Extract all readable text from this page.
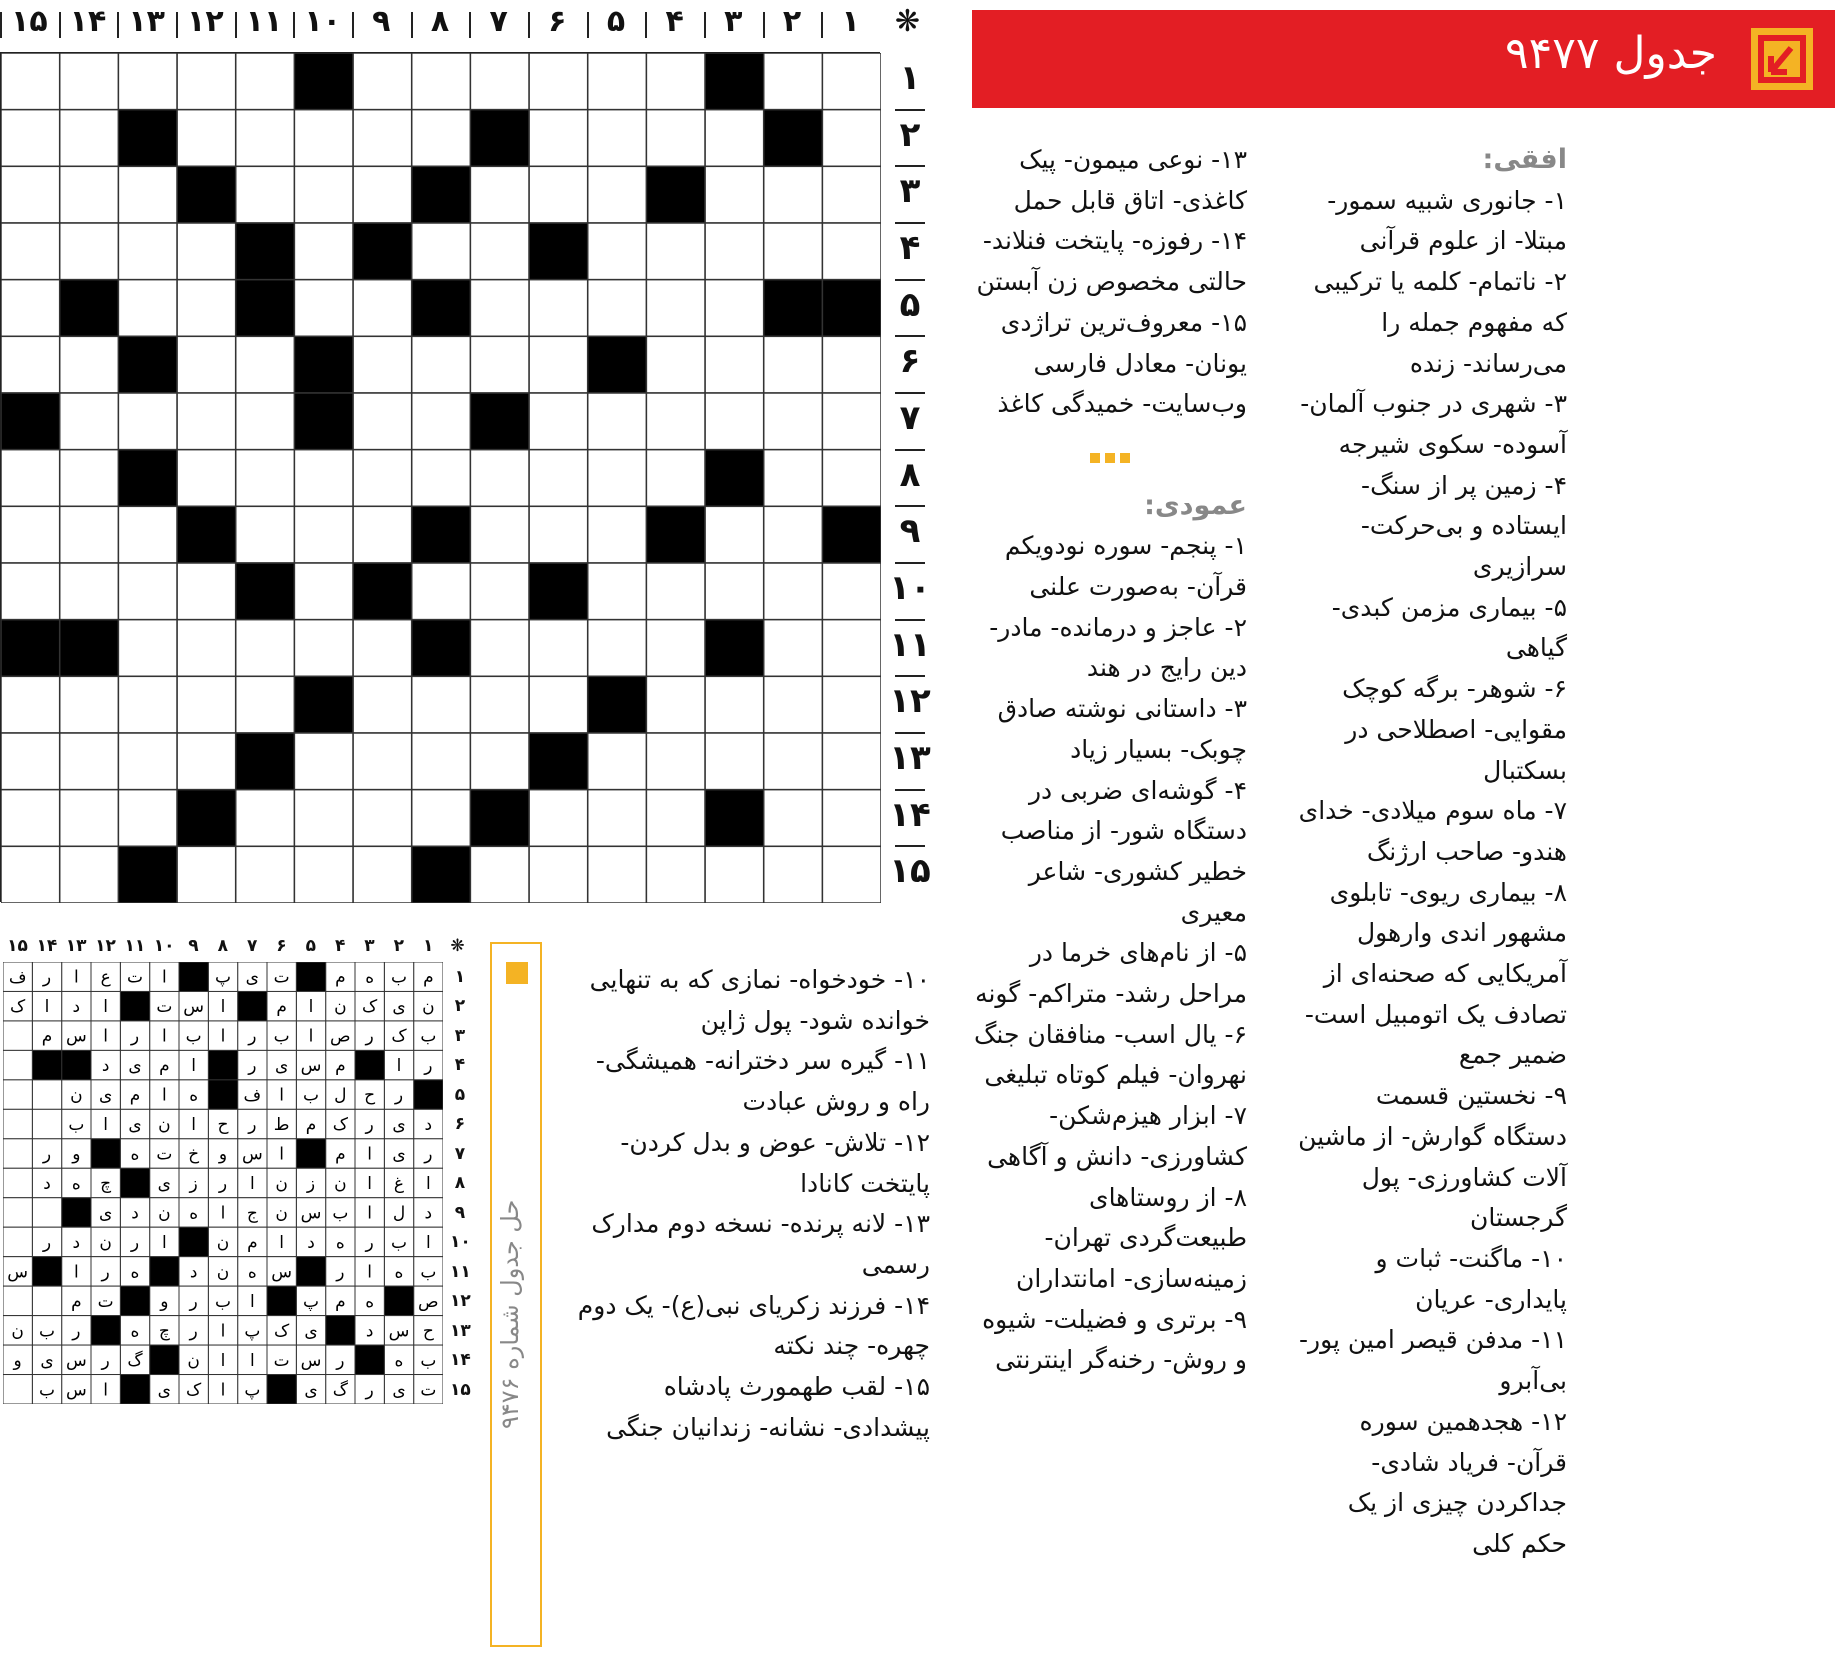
❋
۱
۲
۳
۴
۵
۶
۷
۸
۹
۱۰
۱۱
۱۲
۱۳
۱۴
۱۵
۱
۲
۳
۴
۵
۶
۷
۸
۹
۱۰
۱۱
۱۲
۱۳
۱۴
۱۵
جدول ۹۴۷۷
افقی:
۱- جانوری شبیه سمور- مبتلا- از علوم قرآنی
۲- ناتمام- کلمه یا ترکیبی که مفهوم جمله را می‌رساند- زنده
۳- شهری در جنوب آلمان- آسوده- سکوی شیرجه
۴- زمین پر از سنگ- ایستاده و بی‌حرکت- سرازیری
۵- بیماری مزمن کبدی- گیاهی
۶- شوهر- برگه کوچک مقوایی- اصطلاحی در بسکتبال
۷- ماه سوم میلادی- خدای هندو- صاحب ارژنگ
۸- بیماری ریوی- تابلوی مشهور اندی وارهول آمریکایی که صحنه‌ای از تصادف یک اتومبیل است- ضمیر جمع
۹- نخستین قسمت دستگاه گوارش- از ماشین آلات کشاورزی- پول گرجستان
۱۰- ماگنت- ثبات و پایداری- عریان
۱۱- مدفن قیصر امین پور- بی‌آبرو
۱۲- هجدهمین سوره قرآن- فریاد شادی- جداکردن چیزی از یک حکم کلی
۱۳- نوعی میمون- پیک کاغذی- اتاق قابل حمل
۱۴- رفوزه- پایتخت فنلاند- حالتی مخصوص زن آبستن
۱۵- معروف‌ترین تراژدی یونان- معادل فارسی وب‌سایت- خمیدگی کاغذ
عمودی:
۱- پنجم- سوره نودویکم قرآن- به‌صورت علنی
۲- عاجز و درمانده- مادر- دین رایج در هند
۳- داستانی نوشته صادق چوبک- بسیار زیاد
۴- گوشه‌ای ضربی در دستگاه شور- از مناصب خطیر کشوری- شاعر معیری
۵- از نام‌های خرما در مراحل رشد- متراکم- گونه
۶- یال اسب- منافقان جنگ نهروان- فیلم کوتاه تبلیغی
۷- ابزار هیزم‌شکن- کشاورزی- دانش و آگاهی
۸- از روستاهای طبیعت‌گردی تهران- زمینه‌سازی- امانتداران
۹- برتری و فضیلت- شیوه و روش- رخنه‌گر اینترنتی
۱۰- خودخواه- نمازی که به تنهایی خوانده شود- پول ژاپن
۱۱- گیره سر دخترانه- همیشگی- راه و روش عبادت
۱۲- تلاش- عوض و بدل کردن- پایتخت کانادا
۱۳- لانه پرنده- نسخه دوم مدارک رسمی
۱۴- فرزند زکریای نبی(ع)- یک دوم چهره- چند نکته
۱۵- لقب طهمورث پادشاه پیشدادی- نشانه- زندانیان جنگی
حل جدول شماره ۹۴۷۶
❋
۱
۲
۳
۴
۵
۶
۷
۸
۹
۱۰
۱۱
۱۲
۱۳
۱۴
۱۵
م
ب
ه
م
ت
ی
پ
ا
ت
ع
ا
ر
ف
ن
ی
ک
ن
ا
م
ا
س
ت
ا
د
ا
ک
ب
ک
ر
ص
ا
ب
ر
ا
ب
ا
ر
ا
س
م
ر
ا
م
س
ی
ر
ا
م
ی
د
ر
ح
ل
ب
ا
ف
ه
ا
م
ی
ن
د
ی
ر
ک
م
ط
ر
ح
ا
ن
ی
ا
ب
ر
ی
ا
م
ا
س
و
خ
ت
ه
و
ر
ا
غ
ا
ن
ز
ن
ا
ر
ز
ی
چ
ه
د
د
ل
ا
ب
س
ن
ج
ا
ه
ن
د
ی
ا
ب
ر
ه
د
ا
م
ن
ا
ر
ن
د
ر
ب
ه
ا
ر
س
ه
ن
د
ه
ر
ا
س
ص
ه
م
پ
ا
ب
ر
و
ت
م
ح
س
د
ی
ک
پ
ا
ر
چ
ه
ر
ب
ن
ب
ه
ر
س
ت
ا
ا
ن
گ
ر
س
ی
و
ت
ی
ر
گ
ی
پ
ا
ک
ی
ا
س
ب
۱
۲
۳
۴
۵
۶
۷
۸
۹
۱۰
۱۱
۱۲
۱۳
۱۴
۱۵
